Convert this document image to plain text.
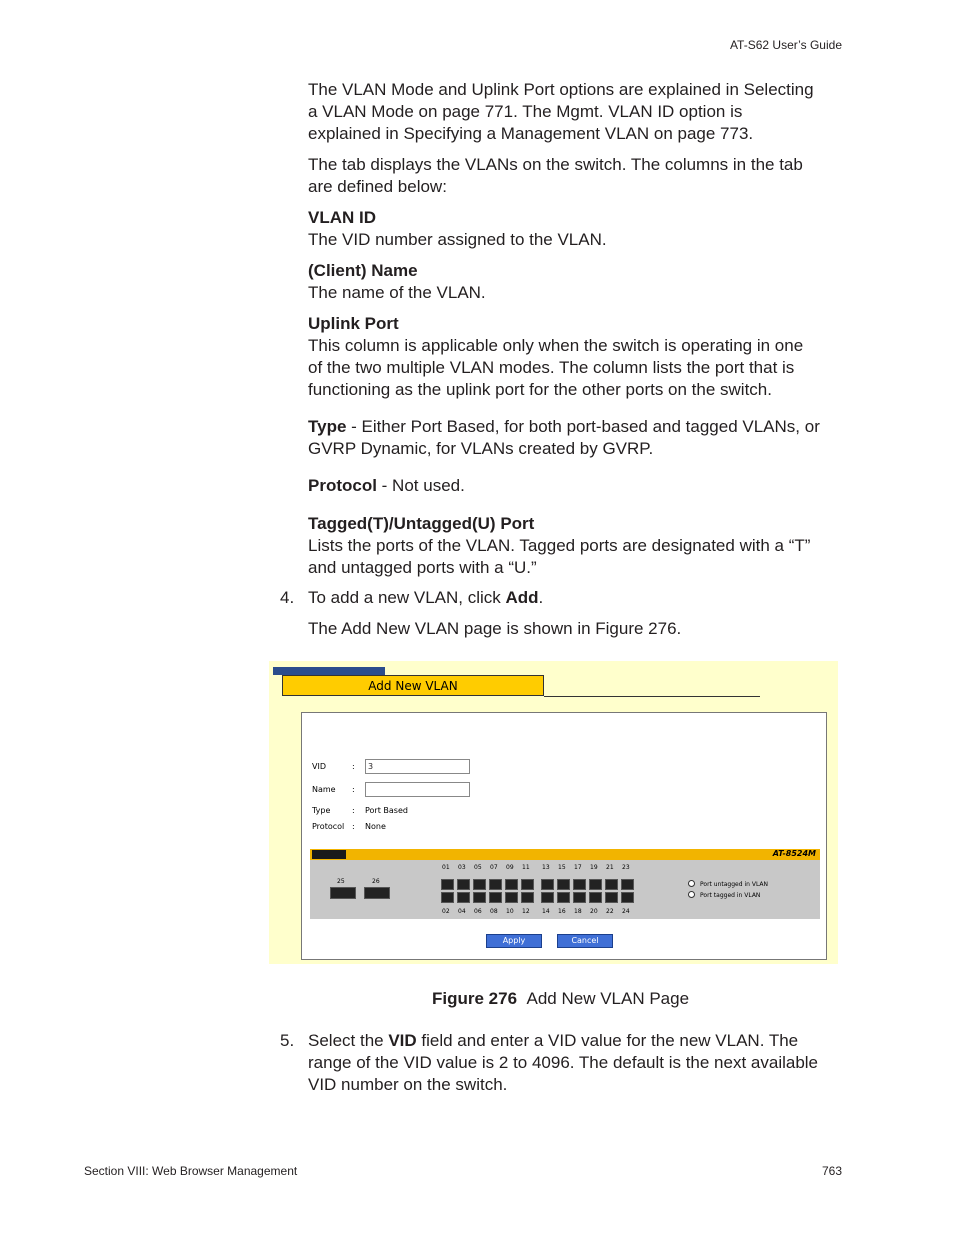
AT-S62 User’s Guide

The VLAN Mode and Uplink Port options are explained in Selecting a VLAN Mode on page 771. The Mgmt. VLAN ID option is explained in Specifying a Management VLAN on page 773.

The tab displays the VLANs on the switch. The columns in the tab are defined below:

VLAN ID

The VID number assigned to the VLAN.

(Client) Name

The name of the VLAN.

Uplink Port

This column is applicable only when the switch is operating in one of the two multiple VLAN modes. The column lists the port that is functioning as the uplink port for the other ports on the switch.

Type - Either Port Based, for both port-based and tagged VLANs, or GVRP Dynamic, for VLANs created by GVRP.

Protocol - Not used.

Tagged(T)/Untagged(U) Port

Lists the ports of the VLAN. Tagged ports are designated with a “T” and untagged ports with a “U.”

4. To add a new VLAN, click Add.

The Add New VLAN page is shown in Figure 276.

Add New VLAN
VID	:	3
Name :
Type	: Port Based
Protocol : None
AT-8524M
25	26	Port untagged in VLAN
Port tagged in VLAN
01
02
03
04
05
06
07
08
09
10
11
12
13
14
15
16
17
18
19
20
21
22
23
24
Apply	Cancel
Figure 276 Add New VLAN Page

5. Select the VID field and enter a VID value for the new VLAN. The range of the VID value is 2 to 4096. The default is the next available VID number on the switch.

Section VIII: Web Browser Management	763
